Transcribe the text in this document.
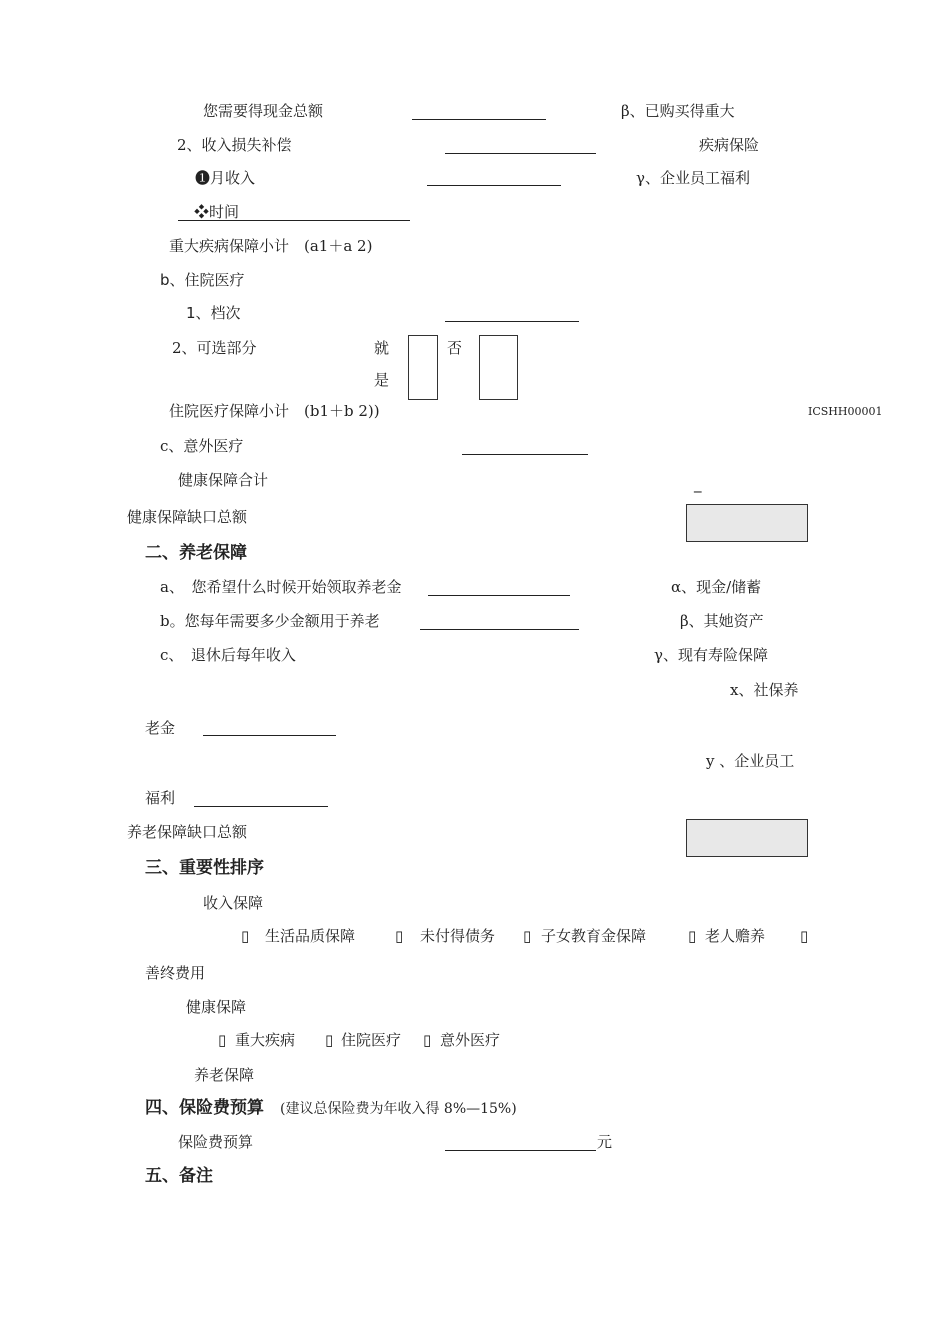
您需要得现金总额	β、已购买得重大
2、收入损失补偿	疾病保险
❶月收入	γ、企业员工福利
❖时间
重大疾病保障小计　(a1＋a 2)
b、住院医疗
1、档次
2、可选部分	就
是
否
住院医疗保障小计　(b1＋b 2))	ICSHH00001
c、意外医疗
健康保障合计	_
健康保障缺口总额
二、养老保障
a、　您希望什么时候开始领取养老金	α、现金/储蓄
b。您每年需要多少金额用于养老	β、其她资产
c、　退休后每年收入	γ、现有寿险保障
x、社保养
老金
y 、企业员工
福利
养老保障缺口总额
三、重要性排序
收入保障
▯ 生活品质保障	▯ 未付得债务 ▯ 子女教育金保障	▯ 老人赡养 ▯
善终费用
健康保障
▯ 重大疾病 ▯ 住院医疗 ▯ 意外医疗
养老保障
四、保险费预算 (建议总保险费为年收入得 8%—15%)
保险费预算	元
五、备注
